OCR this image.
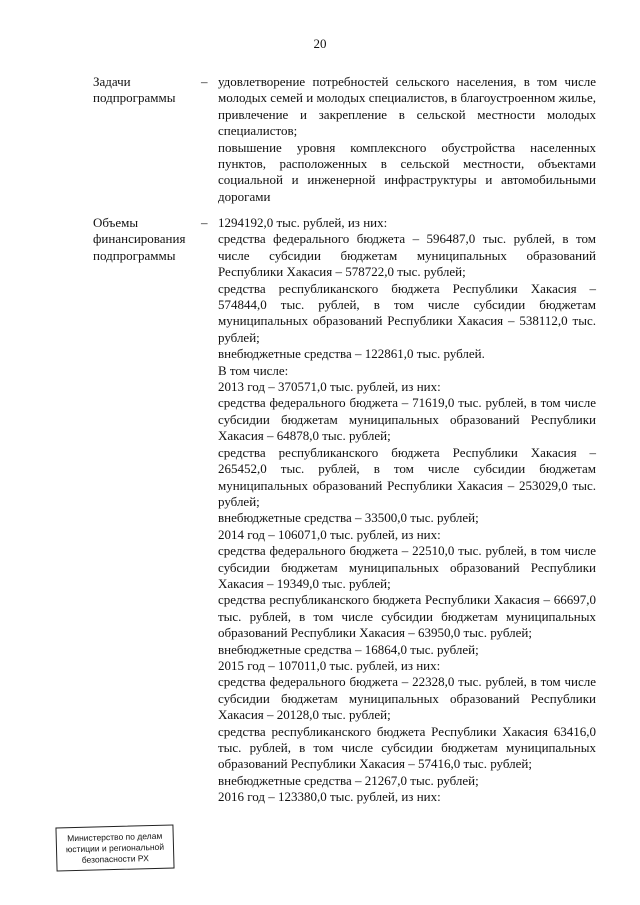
20
Задачи подпрограммы
– удовлетворение потребностей сельского населения, в том числе молодых семей и молодых специалистов, в благоустроенном жилье, привлечение и закрепление в сельской местности молодых специалистов;
повышение уровня комплексного обустройства населенных пунктов, расположенных в сельской местности, объектами социальной и инженерной инфраструктуры и автомобильными дорогами
Объемы финансирования подпрограммы
– 1294192,0 тыс. рублей, из них:
средства федерального бюджета – 596487,0 тыс. рублей, в том числе субсидии бюджетам муниципальных образований Республики Хакасия – 578722,0 тыс. рублей;
средства республиканского бюджета Республики Хакасия – 574844,0 тыс. рублей, в том числе субсидии бюджетам муниципальных образований Республики Хакасия – 538112,0 тыс. рублей;
внебюджетные средства – 122861,0 тыс. рублей.
В том числе:
2013 год – 370571,0 тыс. рублей, из них:
средства федерального бюджета – 71619,0 тыс. рублей, в том числе субсидии бюджетам муниципальных образований Республики Хакасия – 64878,0 тыс. рублей;
средства республиканского бюджета Республики Хакасия – 265452,0 тыс. рублей, в том числе субсидии бюджетам муниципальных образований Республики Хакасия – 253029,0 тыс. рублей;
внебюджетные средства – 33500,0 тыс. рублей;
2014 год – 106071,0 тыс. рублей, из них:
средства федерального бюджета – 22510,0 тыс. рублей, в том числе субсидии бюджетам муниципальных образований Республики Хакасия – 19349,0 тыс. рублей;
средства республиканского бюджета Республики Хакасия – 66697,0 тыс. рублей, в том числе субсидии бюджетам муниципальных образований Республики Хакасия – 63950,0 тыс. рублей;
внебюджетные средства – 16864,0 тыс. рублей;
2015 год – 107011,0 тыс. рублей, из них:
средства федерального бюджета – 22328,0 тыс. рублей, в том числе субсидии бюджетам муниципальных образований Республики Хакасия – 20128,0 тыс. рублей;
средства республиканского бюджета Республики Хакасия 63416,0 тыс. рублей, в том числе субсидии бюджетам муниципальных образований Республики Хакасия – 57416,0 тыс. рублей;
внебюджетные средства – 21267,0 тыс. рублей;
2016 год – 123380,0 тыс. рублей, из них:
Министерство по делам
юстиции и региональной
безопасности РХ
